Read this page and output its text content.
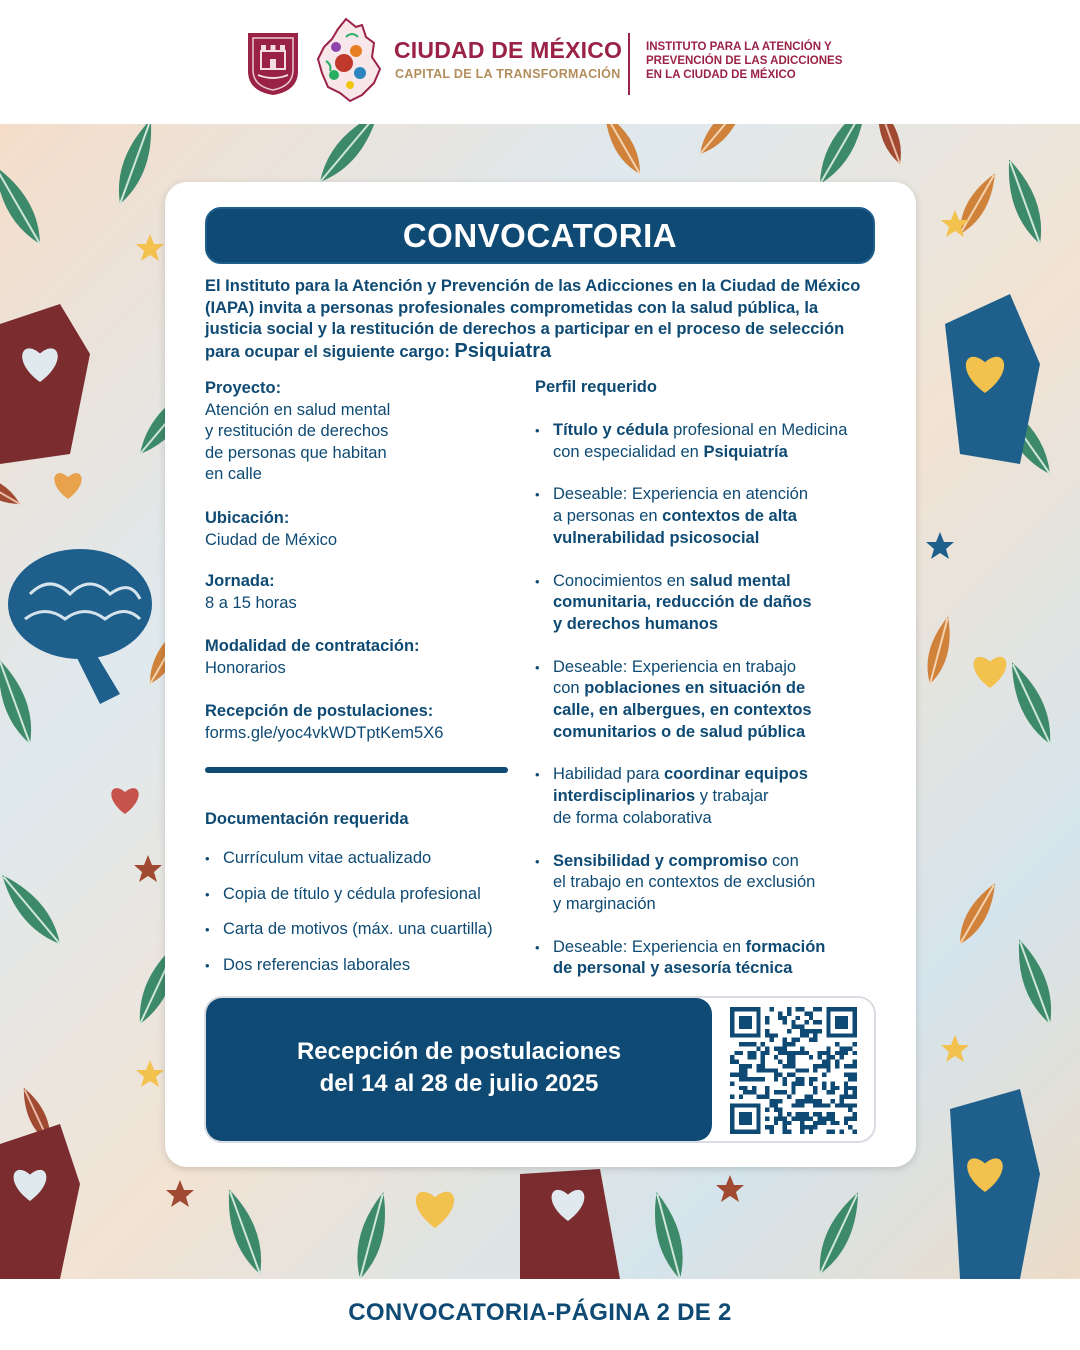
CIUDAD DE MÉXICO
CAPITAL DE LA TRANSFORMACIÓN
INSTITUTO PARA LA ATENCIÓN Y
PREVENCIÓN DE LAS ADICCIONES
EN LA CIUDAD DE MÉXICO
CONVOCATORIA
El Instituto para la Atención y Prevención de las Adicciones en la Ciudad de México (IAPA) invita a personas profesionales comprometidas con la salud pública, la justicia social y la restitución de derechos a participar en el proceso de selección para ocupar el siguiente cargo: Psiquiatra
Proyecto:
Atención en salud mental
y restitución de derechos
de personas que habitan
en calle
Ubicación:
Ciudad de México
Jornada:
8 a 15 horas
Modalidad de contratación:
Honorarios
Recepción de postulaciones:
forms.gle/yoc4vkWDTptKem5X6
Documentación requerida
• Currículum vitae actualizado
• Copia de título y cédula profesional
• Carta de motivos (máx. una cuartilla)
• Dos referencias laborales
Perfil requerido
• Título y cédula profesional en Medicina
con especialidad en Psiquiatría
• Deseable: Experiencia en atención
a personas en contextos de alta
vulnerabilidad psicosocial
• Conocimientos en salud mental
comunitaria, reducción de daños
y derechos humanos
• Deseable: Experiencia en trabajo
con poblaciones en situación de
calle, en albergues, en contextos
comunitarios o de salud pública
• Habilidad para coordinar equipos
interdisciplinarios y trabajar
de forma colaborativa
• Sensibilidad y compromiso con
el trabajo en contextos de exclusión
y marginación
• Deseable: Experiencia en formación
de personal y asesoría técnica
Recepción de postulaciones
del 14 al 28 de julio 2025
CONVOCATORIA-PÁGINA 2 DE 2
